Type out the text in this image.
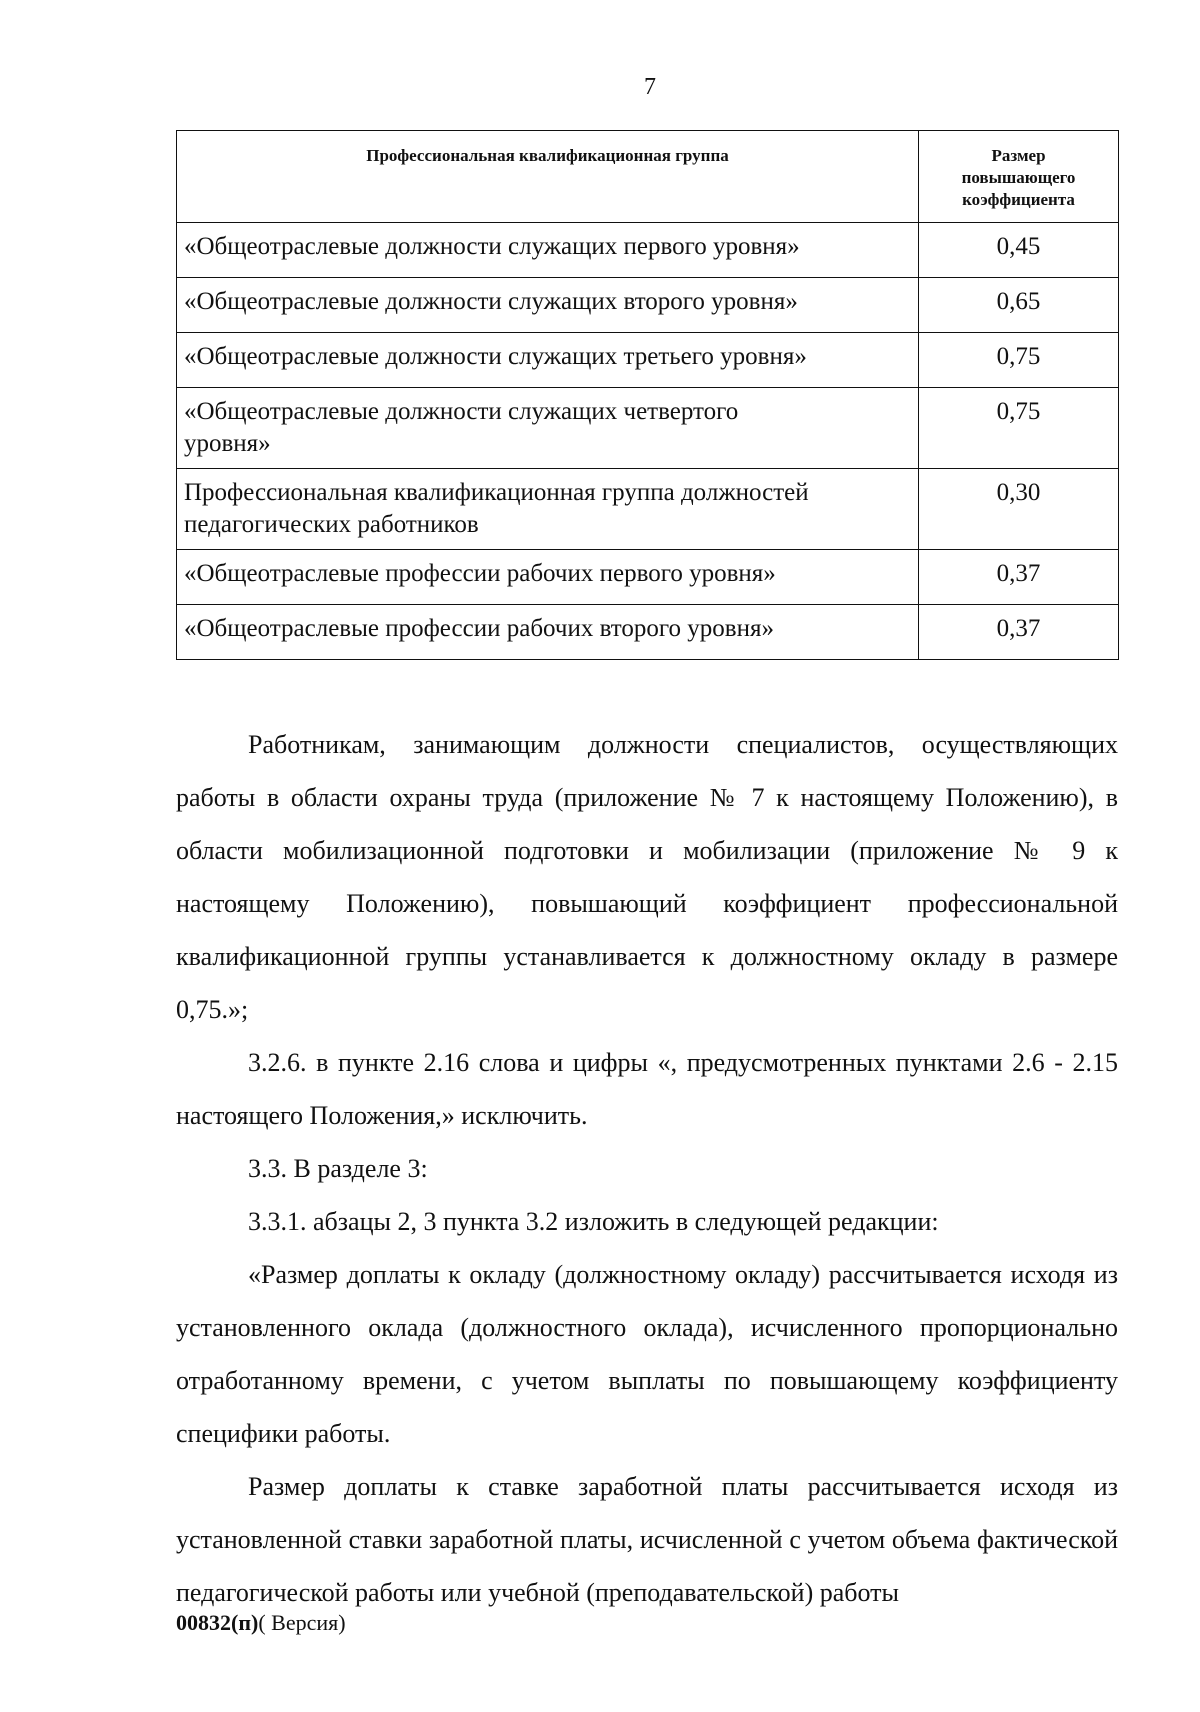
7
Профессиональная квалификационная группа	Размер повышающего коэффициента

«Общеотраслевые должности служащих первого уровня»	0,45
«Общеотраслевые должности служащих второго уровня»	0,65
«Общеотраслевые должности служащих третьего уровня»	0,75

«Общеотраслевые должности служащих четвертого уровня»	0,75
Профессиональная квалификационная группа должностей педагогических работников	0,30
«Общеотраслевые профессии рабочих первого уровня»	0,37
«Общеотраслевые профессии рабочих второго уровня»	0,37

Работникам, занимающим должности специалистов, осуществляющих работы в области охраны труда (приложение № 7 к настоящему Положению), в области мобилизационной подготовки и мобилизации (приложение № 9 к настоящему Положению), повышающий коэффициент профессиональной квалификационной группы устанавливается к должностному окладу в размере 0,75.»;

3.2.6. в пункте 2.16 слова и цифры «, предусмотренных пунктами 2.6 - 2.15 настоящего Положения,» исключить.

3.3. В разделе 3:

3.3.1. абзацы 2, 3 пункта 3.2 изложить в следующей редакции:

«Размер доплаты к окладу (должностному окладу) рассчитывается исходя из установленного оклада (должностного оклада), исчисленного пропорционально отработанному времени, с учетом выплаты по повышающему коэффициенту специфики работы.

Размер доплаты к ставке заработной платы рассчитывается исходя из установленной ставки заработной платы, исчисленной с учетом объема фактической педагогической работы или учебной (преподавательской) работы

00832(п)( Версия)
